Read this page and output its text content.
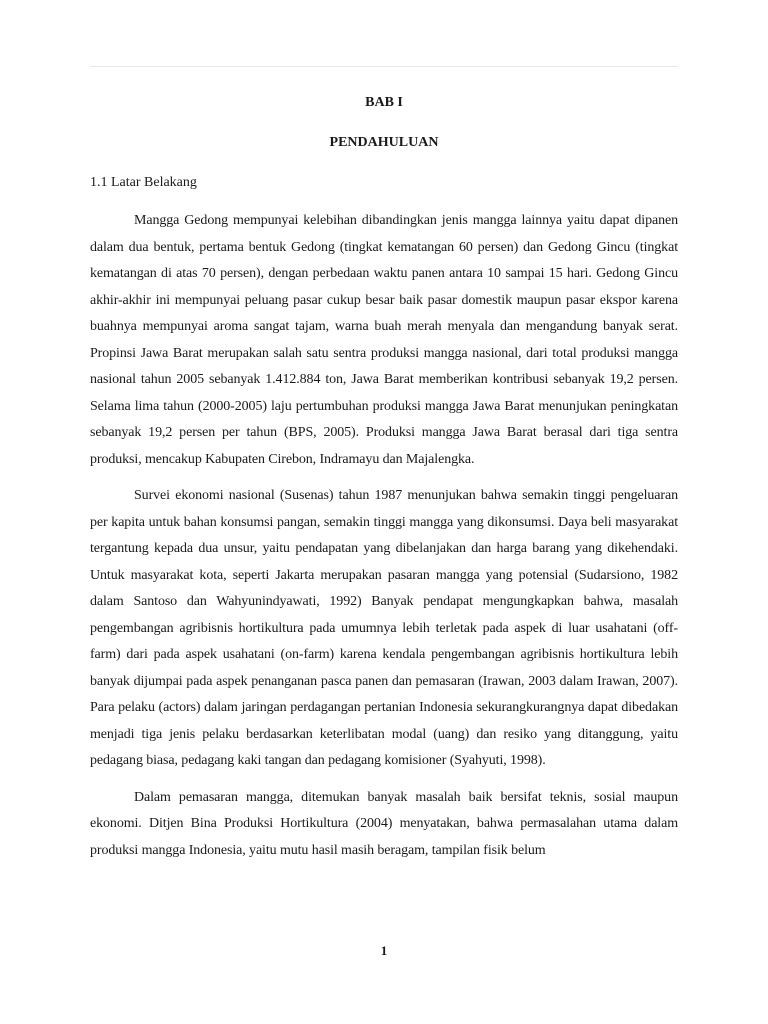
BAB I
PENDAHULUAN
1.1 Latar Belakang

Mangga Gedong mempunyai kelebihan dibandingkan jenis mangga lainnya yaitu dapat dipanen dalam dua bentuk, pertama bentuk Gedong (tingkat kematangan 60 persen) dan Gedong Gincu (tingkat kematangan di atas 70 persen), dengan perbedaan waktu panen antara 10 sampai 15 hari. Gedong Gincu akhir-akhir ini mempunyai peluang pasar cukup besar baik pasar domestik maupun pasar ekspor karena buahnya mempunyai aroma sangat tajam, warna buah merah menyala dan mengandung banyak serat. Propinsi Jawa Barat merupakan salah satu sentra produksi mangga nasional, dari total produksi mangga nasional tahun 2005 sebanyak 1.412.884 ton, Jawa Barat memberikan kontribusi sebanyak 19,2 persen. Selama lima tahun (2000-2005) laju pertumbuhan produksi mangga Jawa Barat menunjukan peningkatan sebanyak 19,2 persen per tahun (BPS, 2005). Produksi mangga Jawa Barat berasal dari tiga sentra produksi, mencakup Kabupaten Cirebon, Indramayu dan Majalengka.

Survei ekonomi nasional (Susenas) tahun 1987 menunjukan bahwa semakin tinggi pengeluaran per kapita untuk bahan konsumsi pangan, semakin tinggi mangga yang dikonsumsi. Daya beli masyarakat tergantung kepada dua unsur, yaitu pendapatan yang dibelanjakan dan harga barang yang dikehendaki. Untuk masyarakat kota, seperti Jakarta merupakan pasaran mangga yang potensial (Sudarsiono, 1982 dalam Santoso dan Wahyunindyawati, 1992) Banyak pendapat mengungkapkan bahwa, masalah pengembangan agribisnis hortikultura pada umumnya lebih terletak pada aspek di luar usahatani (off-farm) dari pada aspek usahatani (on-farm) karena kendala pengembangan agribisnis hortikultura lebih banyak dijumpai pada aspek penanganan pasca panen dan pemasaran (Irawan, 2003 dalam Irawan, 2007). Para pelaku (actors) dalam jaringan perdagangan pertanian Indonesia sekurangkurangnya dapat dibedakan menjadi tiga jenis pelaku berdasarkan keterlibatan modal (uang) dan resiko yang ditanggung, yaitu pedagang biasa, pedagang kaki tangan dan pedagang komisioner (Syahyuti, 1998).

Dalam pemasaran mangga, ditemukan banyak masalah baik bersifat teknis, sosial maupun ekonomi. Ditjen Bina Produksi Hortikultura (2004) menyatakan, bahwa permasalahan utama dalam produksi mangga Indonesia, yaitu mutu hasil masih beragam, tampilan fisik belum

1
